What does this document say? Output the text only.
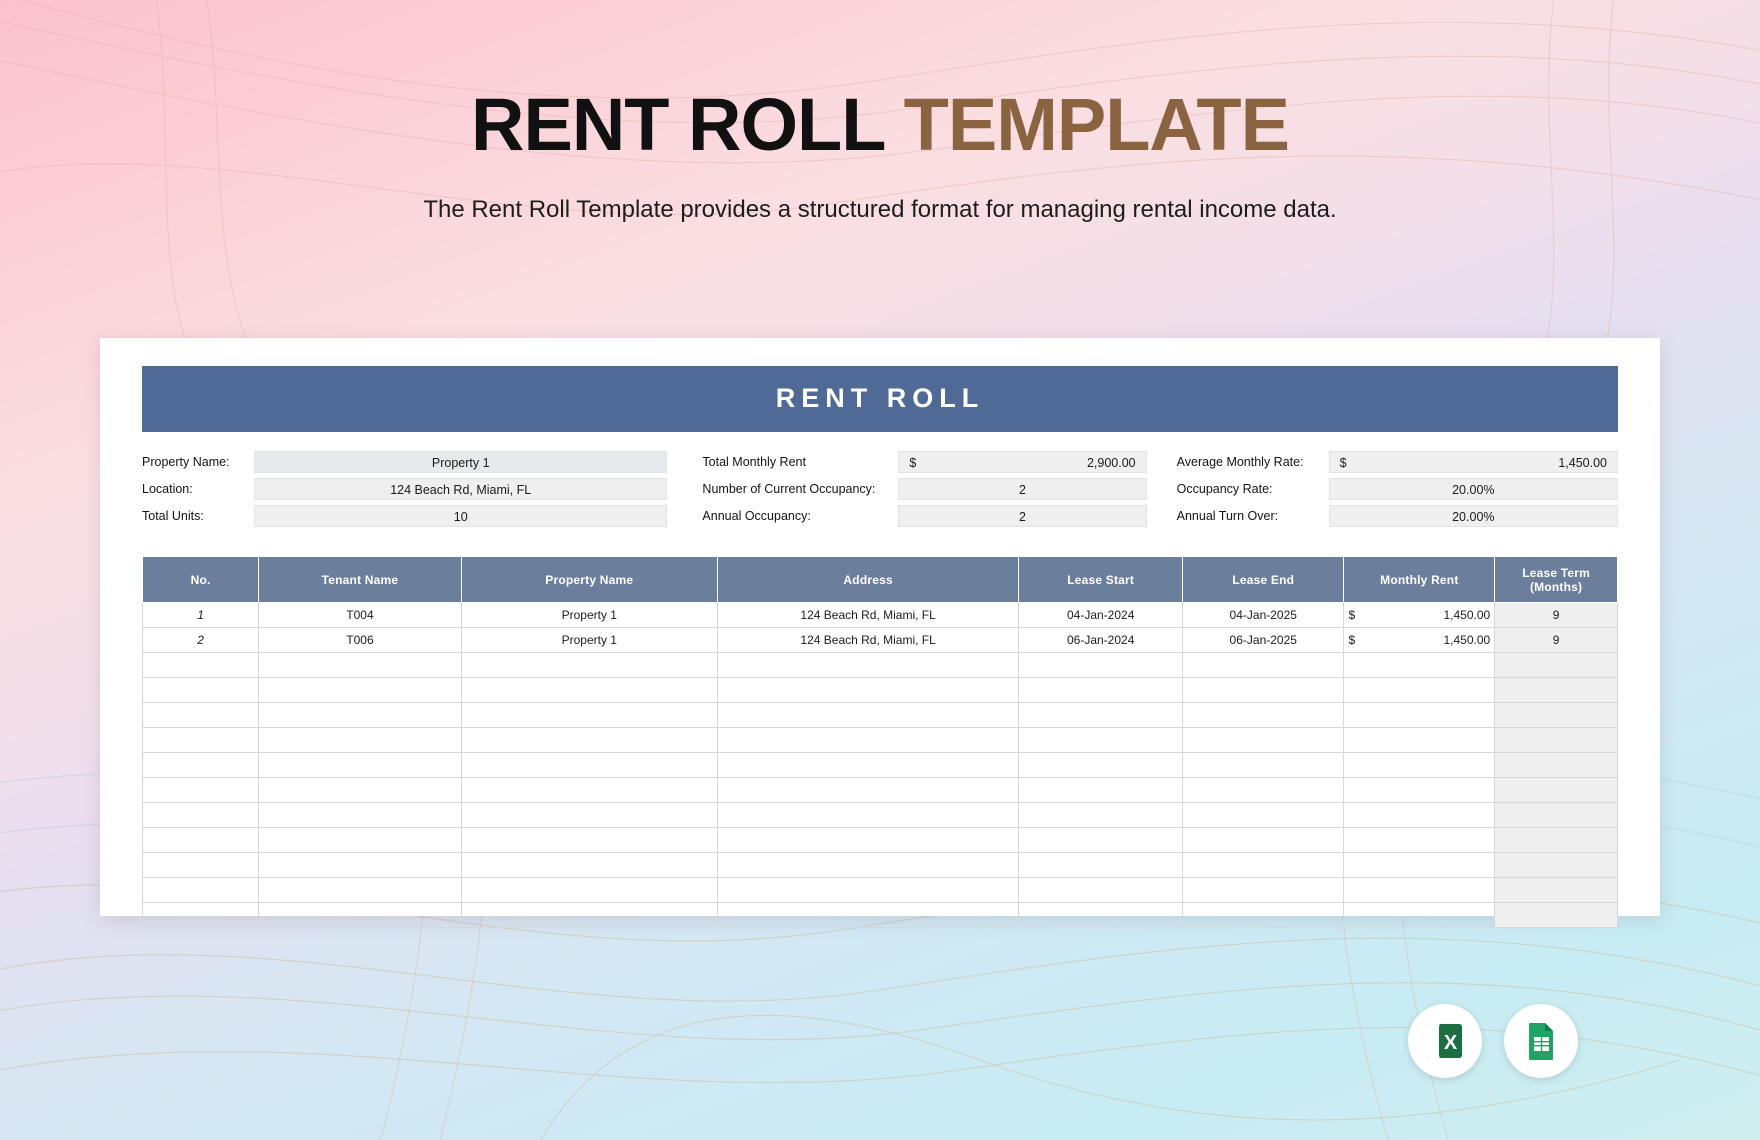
RENT ROLL TEMPLATE

The Rent Roll Template provides a structured format for managing rental income data.

RENT ROLL
Property Name:	Property 1
Location:	124 Beach Rd, Miami, FL
Total Units:	10
Total Monthly Rent	$	2,900.00
Number of Current Occupancy:	2
Annual Occupancy:	2
Average Monthly Rate:	$	1,450.00
Occupancy Rate:	20.00%
Annual Turn Over:	20.00%
No.	Tenant Name	Property Name	Address	Lease Start	Lease End	Monthly Rent	Lease Term (Months)
1	T004	Property 1	124 Beach Rd, Miami, FL	04-Jan-2024	04-Jan-2025	$ 1,450.00	9
2	T006	Property 1	124 Beach Rd, Miami, FL	06-Jan-2024	06-Jan-2025	$ 1,450.00	9

X
